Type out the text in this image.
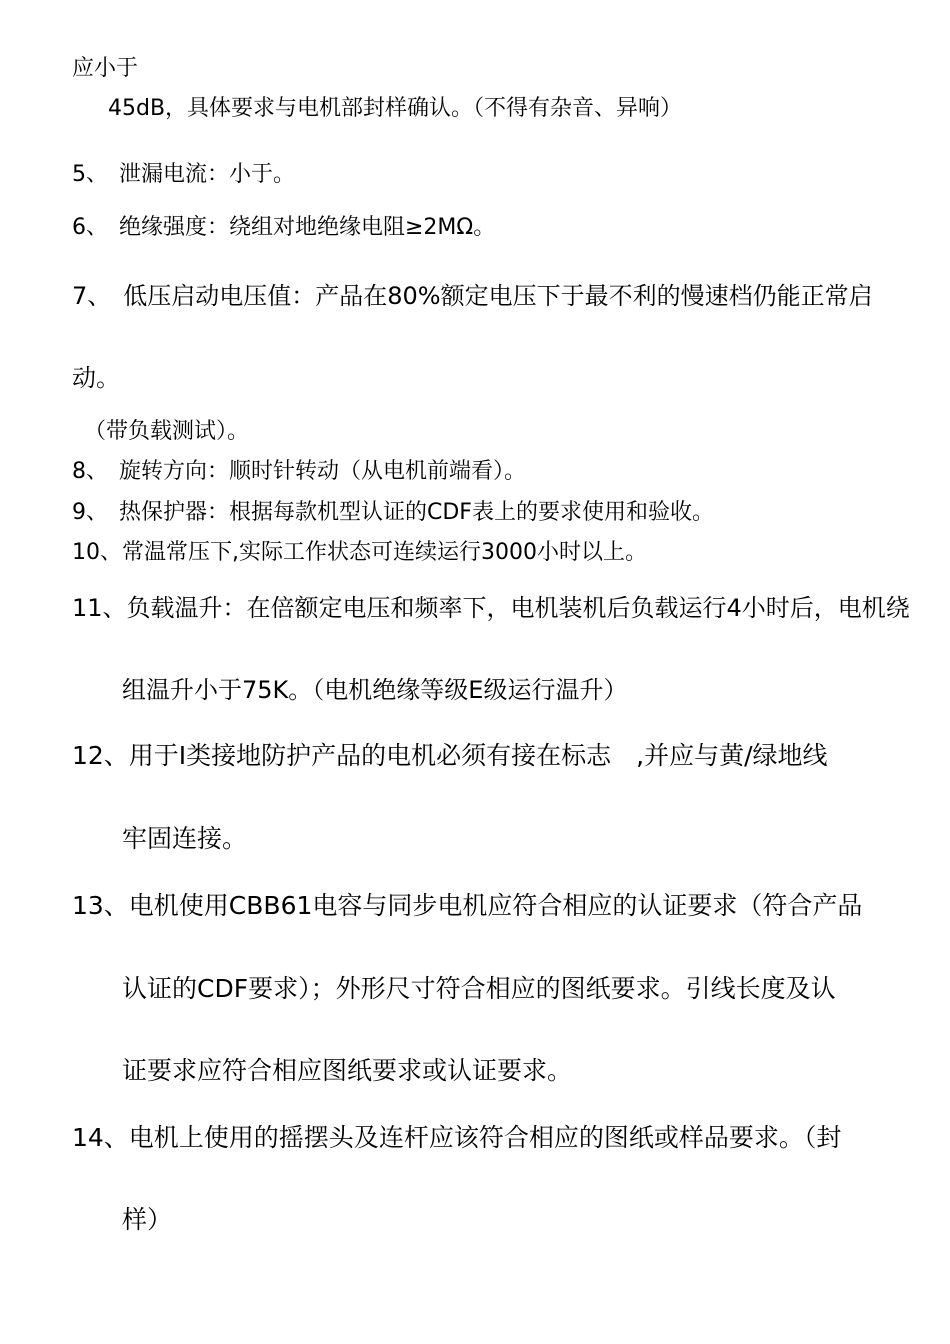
应小于
45dB，具体要求与电机部封样确认。（不得有杂音、异响）
5、　泄漏电流：小于。
6、　绝缘强度：绕组对地绝缘电阻≥2MΩ。
7、　低压启动电压值：产品在80%额定电压下于最不利的慢速档仍能正常启
动。
（带负载测试）。
8、　旋转方向：顺时针转动（从电机前端看）。
9、　热保护器：根据每款机型认证的CDF表上的要求使用和验收。
10、常温常压下,实际工作状态可连续运行3000小时以上。
11、负载温升：在倍额定电压和频率下，电机装机后负载运行4小时后，电机绕
组温升小于75K。（电机绝缘等级E级运行温升）
12、用于I类接地防护产品的电机必须有接在标志　,并应与黄/绿地线
牢固连接。
13、电机使用CBB61电容与同步电机应符合相应的认证要求（符合产品
认证的CDF要求）；外形尺寸符合相应的图纸要求。引线长度及认
证要求应符合相应图纸要求或认证要求。
14、电机上使用的摇摆头及连杆应该符合相应的图纸或样品要求。（封
样）
